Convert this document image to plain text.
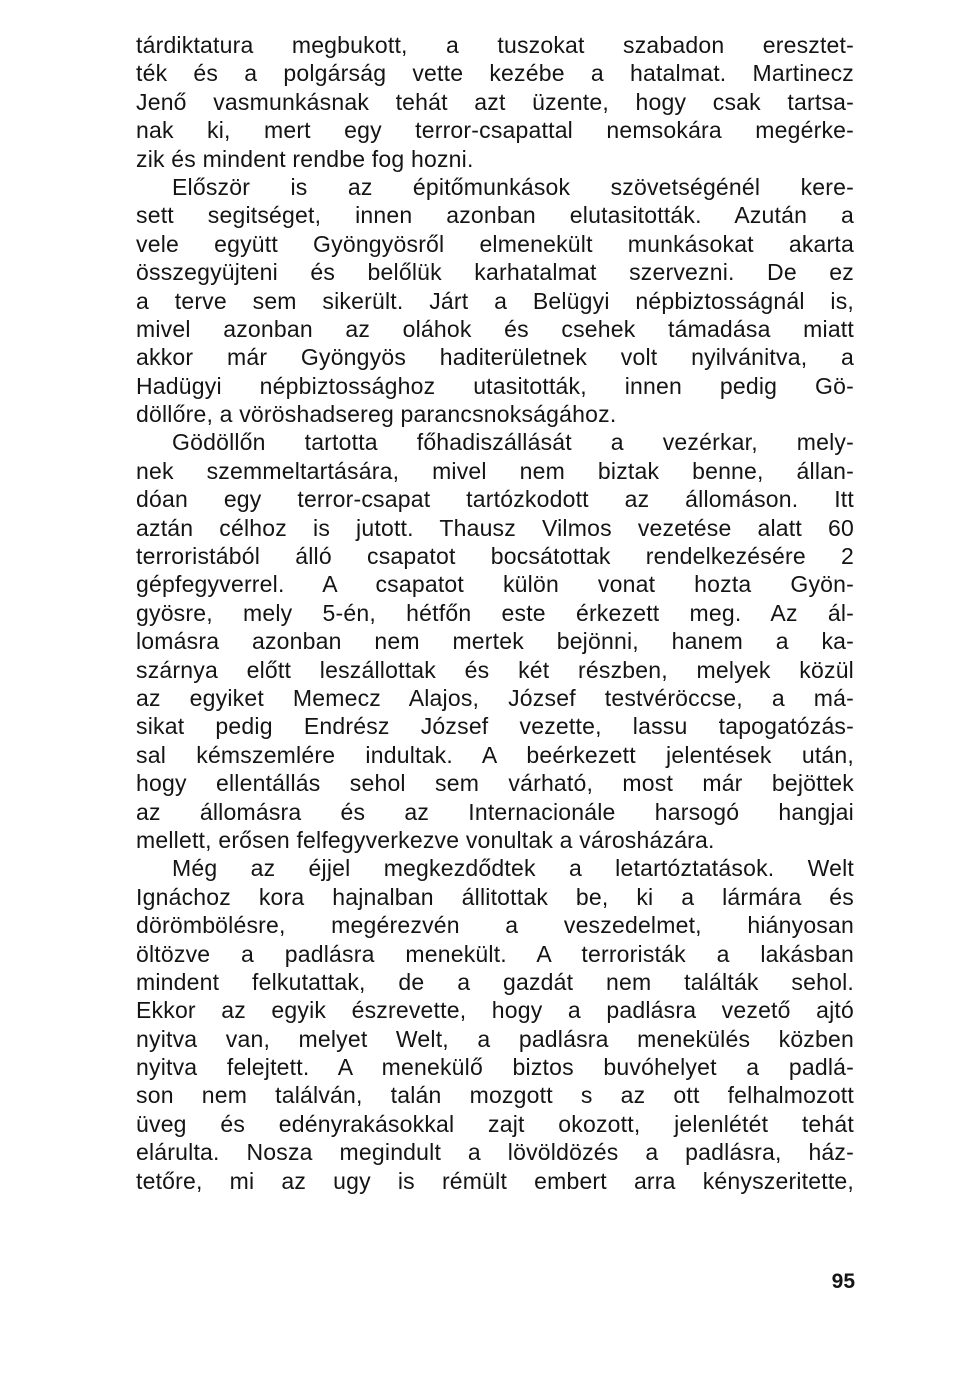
tárdiktatura megbukott, a tuszokat szabadon eresztet-
ték és a polgárság vette kezébe a hatalmat. Martinecz
Jenő vasmunkásnak tehát azt üzente, hogy csak tartsa-
nak ki, mert egy terror-csapattal nemsokára megérke-
zik és mindent rendbe fog hozni.
Először is az épitőmunkások szövetségénél kere-
sett segitséget, innen azonban elutasitották. Azután a
vele együtt Gyöngyösről elmenekült munkásokat akarta
összegyüjteni és belőlük karhatalmat szervezni. De ez
a terve sem sikerült. Járt a Belügyi népbiztosságnál is,
mivel azonban az oláhok és csehek támadása miatt
akkor már Gyöngyös haditerületnek volt nyilvánitva, a
Hadügyi népbiztossághoz utasitották, innen pedig Gö-
döllőre, a vöröshadsereg parancsnokságához.
Gödöllőn tartotta főhadiszállását a vezérkar, mely-
nek szemmeltartására, mivel nem biztak benne, állan-
dóan egy terror-csapat tartózkodott az állomáson. Itt
aztán célhoz is jutott. Thausz Vilmos vezetése alatt 60
terroristából álló csapatot bocsátottak rendelkezésére 2
gépfegyverrel. A csapatot külön vonat hozta Gyön-
gyösre, mely 5-én, hétfőn este érkezett meg. Az ál-
lomásra azonban nem mertek bejönni, hanem a ka-
szárnya előtt leszállottak és két részben, melyek közül
az egyiket Memecz Alajos, József testvéröccse, a má-
sikat pedig Endrész József vezette, lassu tapogatózás-
sal kémszemlére indultak. A beérkezett jelentések után,
hogy ellentállás sehol sem várható, most már bejöttek
az állomásra és az Internacionále harsogó hangjai
mellett, erősen felfegyverkezve vonultak a városházára.
Még az éjjel megkezdődtek a letartóztatások. Welt
Ignáchoz kora hajnalban állitottak be, ki a lármára és
dörömbölésre, megérezvén a veszedelmet, hiányosan
öltözve a padlásra menekült. A terroristák a lakásban
mindent felkutattak, de a gazdát nem találták sehol.
Ekkor az egyik észrevette, hogy a padlásra vezető ajtó
nyitva van, melyet Welt, a padlásra menekülés közben
nyitva felejtett. A menekülő biztos buvóhelyet a padlá-
son nem találván, talán mozgott s az ott felhalmozott
üveg és edényrakásokkal zajt okozott, jelenlétét tehát
elárulta. Nosza megindult a lövöldözés a padlásra, ház-
tetőre, mi az ugy is rémült embert arra kényszeritette,
95
